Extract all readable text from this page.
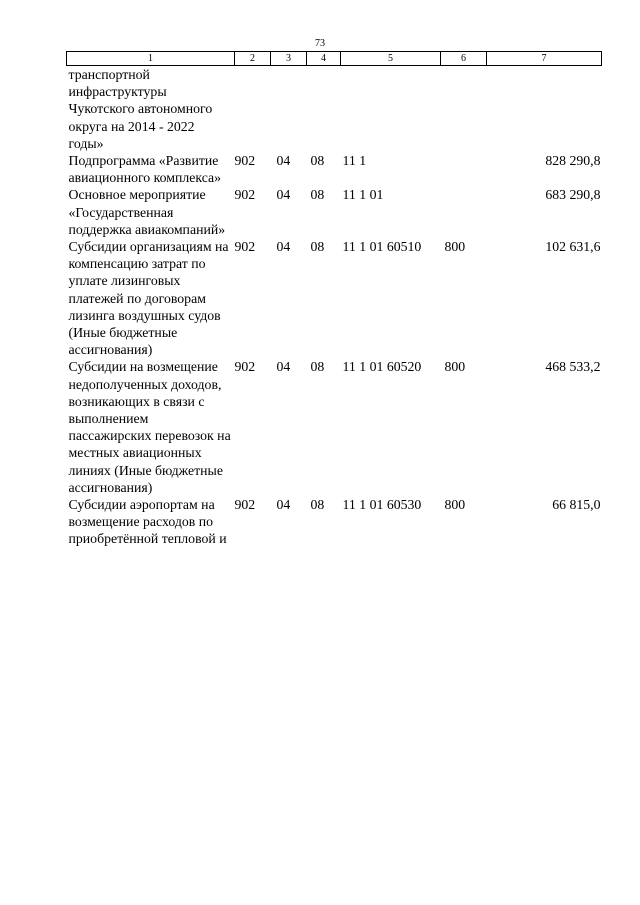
73
1	2	3	4	5	6	7
транспортной инфраструктуры Чукотского автономного округа на 2014 - 2022 годы»						
Подпрограмма «Развитие авиационного комплекса»	902	04	08	11 1		828 290,8
Основное мероприятие «Государственная поддержка авиакомпаний»	902	04	08	11 1 01		683 290,8
Субсидии организациям на компенсацию затрат по уплате лизинговых платежей по договорам лизинга воздушных судов (Иные бюджетные ассигнования)	902	04	08	11 1 01 60510	800	102 631,6
Субсидии на возмещение недополученных доходов, возникающих в связи с выполнением пассажирских перевозок на местных авиационных линиях (Иные бюджетные ассигнования)	902	04	08	11 1 01 60520	800	468 533,2
Субсидии аэропортам на возмещение расходов по приобретённой тепловой и	902	04	08	11 1 01 60530	800	66 815,0
